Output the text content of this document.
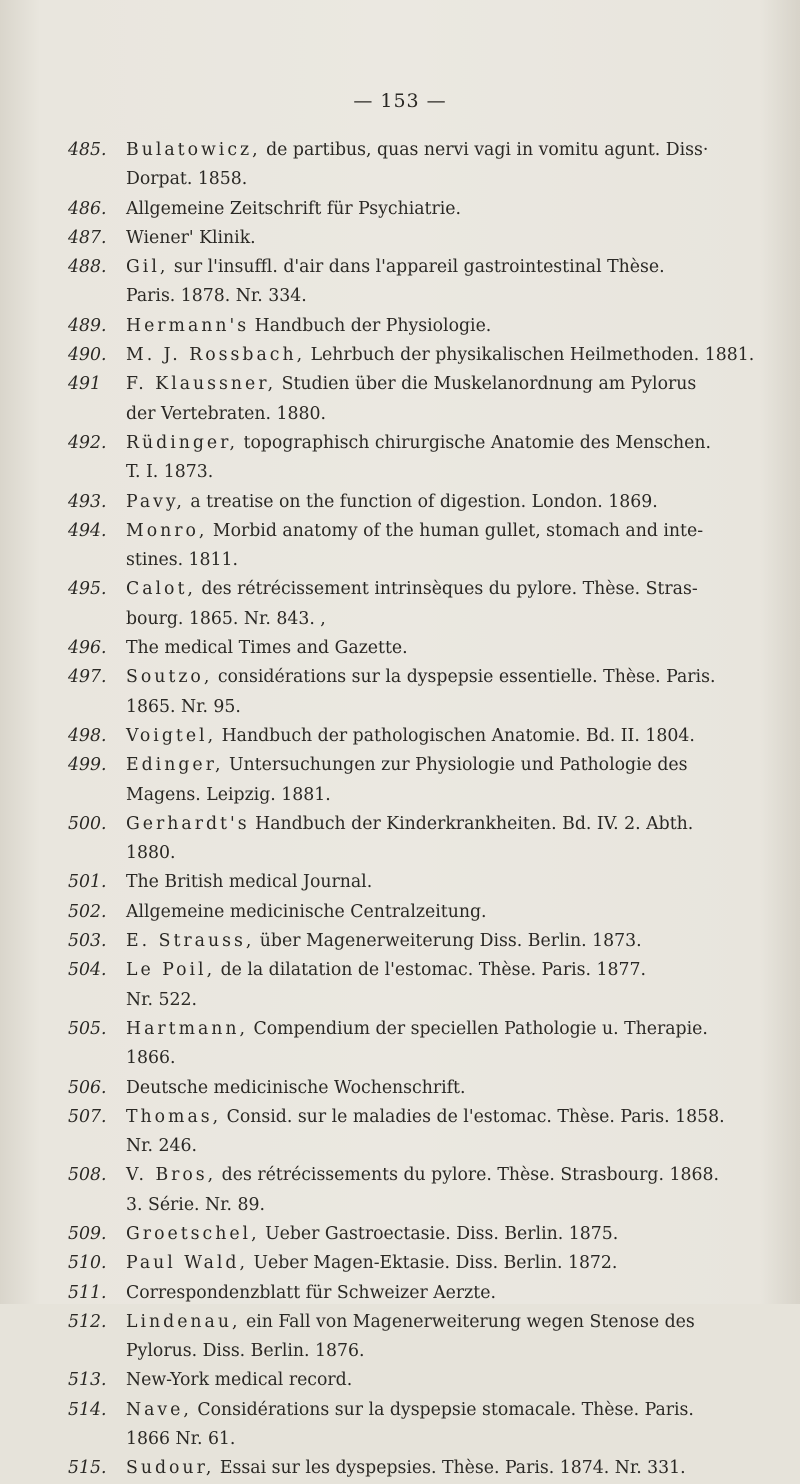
— 153 —
485.	Bulatowicz, de partibus, quas nervi vagi in vomitu agunt. Diss·
Dorpat. 1858.
486.	Allgemeine Zeitschrift für Psychiatrie.
487.	Wiener' Klinik.
488.	Gil, sur l'insuffl. d'air dans l'appareil gastrointestinal Thèse.
Paris. 1878. Nr. 334.
489.	Hermann's Handbuch der Physiologie.
490.	M. J. Rossbach, Lehrbuch der physikalischen Heilmethoden. 1881.
491	F. Klaussner, Studien über die Muskelanordnung am Pylorus
der Vertebraten. 1880.
492.	Rüdinger, topographisch chirurgische Anatomie des Menschen.
T. I. 1873.
493.	Pavy, a treatise on the function of digestion. London. 1869.
494.	Monro, Morbid anatomy of the human gullet, stomach and inte-
stines. 1811.
495.	Calot, des rétrécissement intrinsèques du pylore. Thèse. Stras-
bourg. 1865. Nr. 843. ,
496.	The medical Times and Gazette.
497.	Soutzo, considérations sur la dyspepsie essentielle. Thèse. Paris.
1865. Nr. 95.
498.	Voigtel, Handbuch der pathologischen Anatomie. Bd. II. 1804.
499.	Edinger, Untersuchungen zur Physiologie und Pathologie des
Magens. Leipzig. 1881.
500.	Gerhardt's Handbuch der Kinderkrankheiten. Bd. IV. 2. Abth.
1880.
501.	The British medical Journal.
502.	Allgemeine medicinische Centralzeitung.
503.	E. Strauss, über Magenerweiterung Diss. Berlin. 1873.
504.	Le Poil, de la dilatation de l'estomac. Thèse. Paris. 1877.
Nr. 522.
505.	Hartmann, Compendium der speciellen Pathologie u. Therapie.
1866.
506.	Deutsche medicinische Wochenschrift.
507.	Thomas, Consid. sur le maladies de l'estomac. Thèse. Paris. 1858.
Nr. 246.
508.	V. Bros, des rétrécissements du pylore. Thèse. Strasbourg. 1868.
3. Série. Nr. 89.
509.	Groetschel, Ueber Gastroectasie. Diss. Berlin. 1875.
510.	Paul Wald, Ueber Magen-Ektasie. Diss. Berlin. 1872.
511.	Correspondenzblatt für Schweizer Aerzte.
512.	Lindenau, ein Fall von Magenerweiterung wegen Stenose des
Pylorus. Diss. Berlin. 1876.
513.	New-York medical record.
514.	Nave, Considérations sur la dyspepsie stomacale. Thèse. Paris.
1866 Nr. 61.
515.	Sudour, Essai sur les dyspepsies. Thèse. Paris. 1874. Nr. 331.
